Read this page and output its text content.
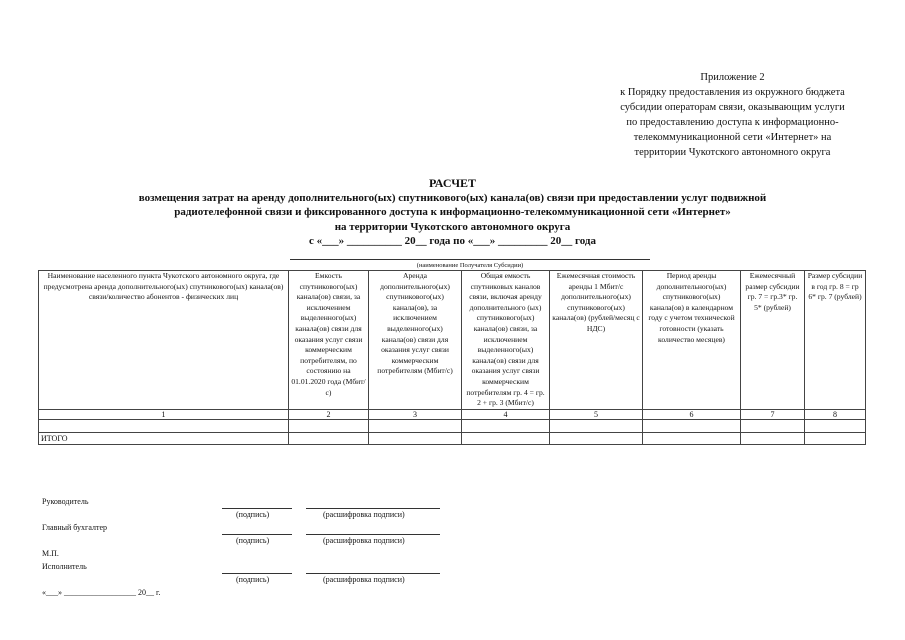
Приложение 2
к Порядку предоставления из окружного бюджета
субсидии операторам связи, оказывающим услуги
по предоставлению доступа к информационно-
телекоммуникационной сети «Интернет» на
территории Чукотского автономного округа
РАСЧЕТ
возмещения затрат на аренду дополнительного(ых) спутникового(ых) канала(ов) связи при предоставлении услуг подвижной
радиотелефонной связи и фиксированного доступа к информационно-телекоммуникационной сети «Интернет»
на территории Чукотского автономного округа
с «___» __________ 20__ года по «___» _________ 20__ года
(наименование Получателя Субсидии)
Наименование населенного пункта Чукотского автономного округа, где предусмотрена аренда дополнительного(ых) спутникового(ых) канала(ов) связи/количество абонентов - физических лиц	Емкость спутникового(ых) канала(ов) связи, за исключением выделенного(ых) канала(ов) связи для оказания услуг связи коммерческим потребителям, по состоянию на 01.01.2020 года (Мбит/с)	Аренда дополнительного(ых) спутникового(ых) канала(ов), за исключением выделенного(ых) канала(ов) связи для оказания услуг связи коммерческим потребителям (Мбит/с)	Общая емкость спутниковых каналов связи, включая аренду дополнительного (ых) спутникового(ых) канала(ов) связи, за исключением выделенного(ых) канала(ов) связи для оказания услуг связи коммерческим потребителям гр. 4 = гр. 2 + гр. 3 (Мбит/с)	Ежемесячная стоимость аренды 1 Мбит/с дополнительного(ых) спутникового(ых) канала(ов) (рублей/месяц с НДС)	Период аренды дополнительного(ых) спутникового(ых) канала(ов) в календарном году с учетом технической готовности (указать количество месяцев)	Ежемесячный размер субсидии гр. 7 = гр.3* гр. 5* (рублей)	Размер субсидии в год гр. 8 = гр 6* гр. 7 (рублей)
1	2	3	4	5	6	7	8

ИТОГО							
Руководитель
(подпись)	(расшифровка подписи)
Главный бухгалтер
(подпись)	(расшифровка подписи)
М.П.
Исполнитель
(подпись)	(расшифровка подписи)
«___» __________________ 20__ г.
